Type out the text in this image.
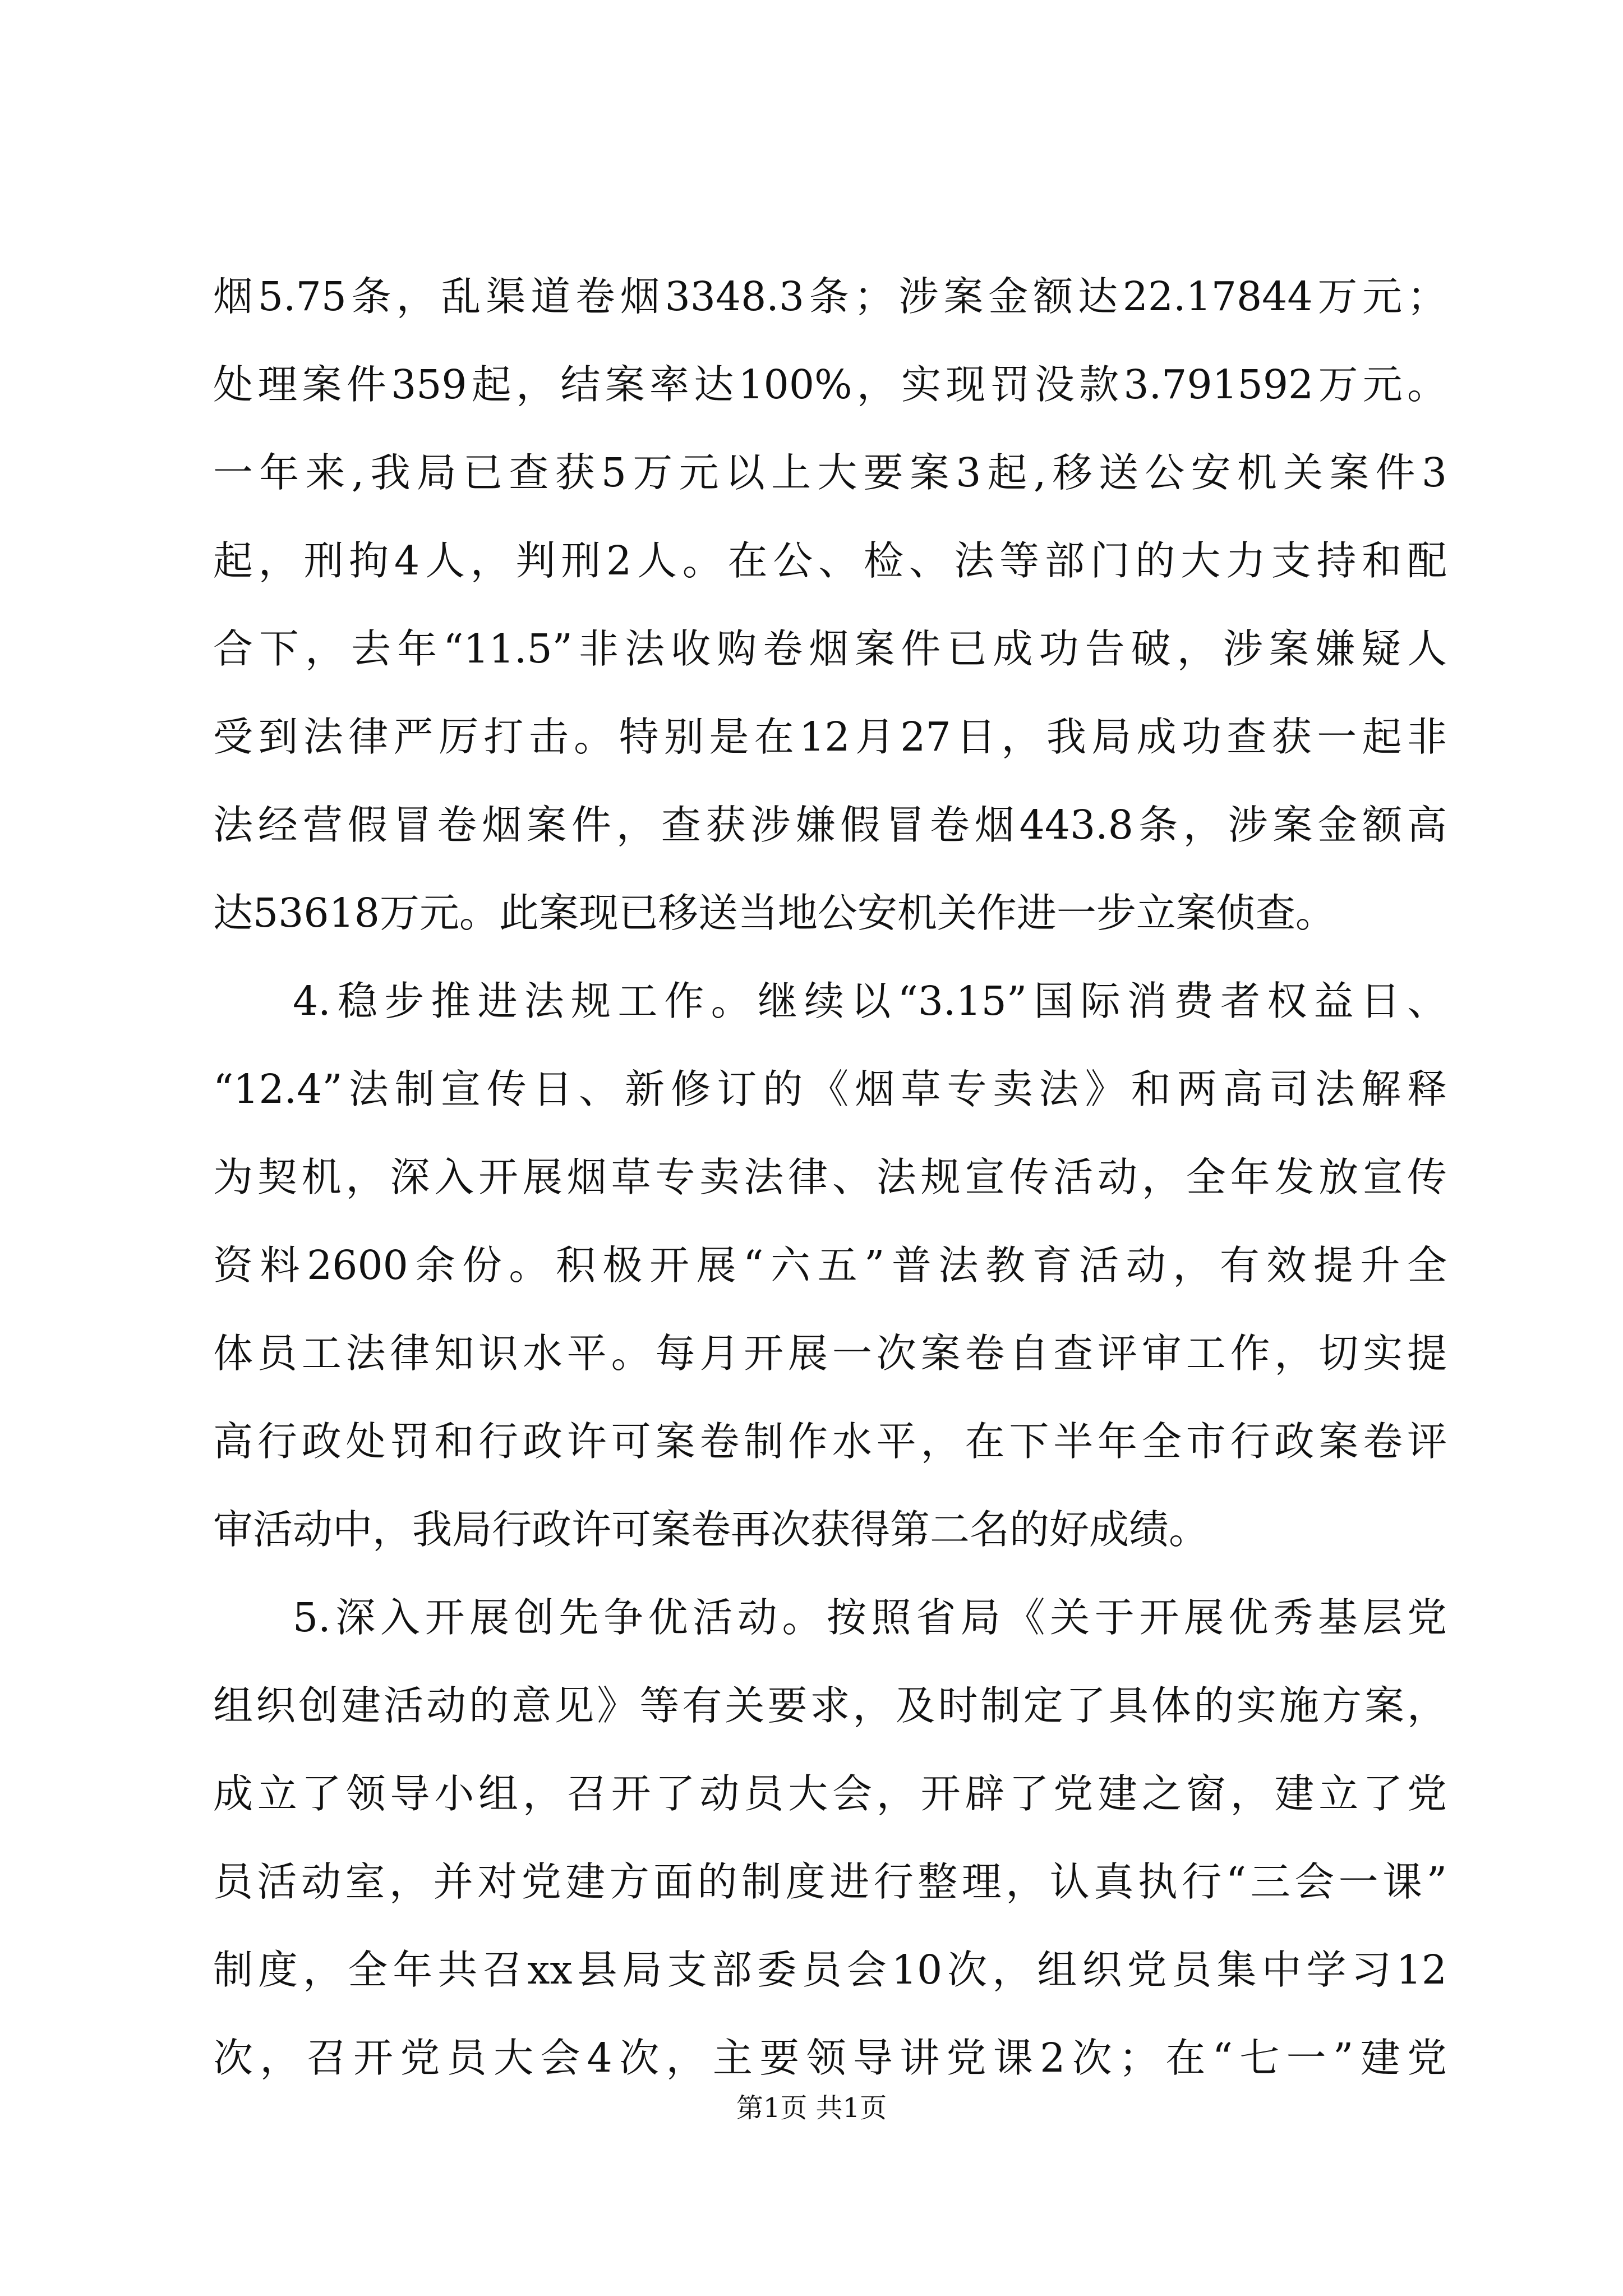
烟5.75条，乱渠道卷烟3348.3条；涉案金额达22.17844万元；
处理案件359起，结案率达100%，实现罚没款3.791592万元。
一年来,我局已查获5万元以上大要案3起,移送公安机关案件3
起，刑拘4人，判刑2人。在公、检、法等部门的大力支持和配
合下，去年“11.5”非法收购卷烟案件已成功告破，涉案嫌疑人
受到法律严厉打击。特别是在12月27日，我局成功查获一起非
法经营假冒卷烟案件，查获涉嫌假冒卷烟443.8条，涉案金额高
达53618万元。此案现已移送当地公安机关作进一步立案侦查。
4.稳步推进法规工作。继续以“3.15”国际消费者权益日、
“12.4”法制宣传日、新修订的《烟草专卖法》和两高司法解释
为契机，深入开展烟草专卖法律、法规宣传活动，全年发放宣传
资料2600余份。积极开展“六五”普法教育活动，有效提升全
体员工法律知识水平。每月开展一次案卷自查评审工作，切实提
高行政处罚和行政许可案卷制作水平，在下半年全市行政案卷评
审活动中，我局行政许可案卷再次获得第二名的好成绩。
5.深入开展创先争优活动。按照省局《关于开展优秀基层党
组织创建活动的意见》等有关要求，及时制定了具体的实施方案，
成立了领导小组，召开了动员大会，开辟了党建之窗，建立了党
员活动室，并对党建方面的制度进行整理，认真执行“三会一课”
制度，全年共召xx县局支部委员会10次，组织党员集中学习12
次，召开党员大会4次，主要领导讲党课2次；在“七一”建党
第1页 共1页
